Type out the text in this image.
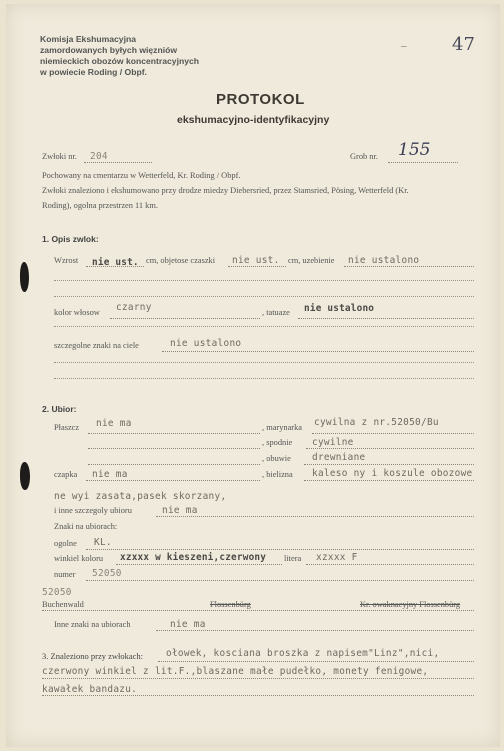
Komisja Ekshumacyjna
zamordowanych byłych więzniów
niemieckich obozów koncentracyjnych
w powiecie Roding / Obpf.
–	47
PROTOKOL
ekshumacyjno-identyfikacyjny
Zwłoki nr. 204	Grob nr. 155
Pochowany na cmentarzu w Wetterfeld, Kr. Roding / Obpf.
Zwłoki znaleziono i ekshumowano przy drodze miedzy Diebersried, przez Stamsried, Pösing, Wetterfeld (Kr.
Roding), ogolna przestrzen 11 km.
1. Opis zwlok:
Wzrost nie ust. cm, objetose czaszki nie ust. cm, uzebienie nie ustalono
kolor włosow czarny	, tatuaze nie ustalono
szczegolne znaki na ciele	nie ustalono
2. Ubior:
Płaszcz nie ma	, marynarka cywilna z nr.52050/Bu
, spodnie cywilne
, obuwie drewniane
czapka nie ma	, bielizna kaleso ny i koszule obozowe
ne wyi zasata,pasek skorzany,
i inne szczegoly ubioru	nie ma
Znaki na ubiorach:
ogolne KL.
winkiel koloru xzxxx w kieszeni,czerwony litera xzxxx F
numer 52050
52050
Buchenwald	Flossenbürg	Kr. owaknacyjny Flossenbürg
Inne znaki na ubiorach	nie ma
3. Znaleziono przy zwłokach: ołowek, kosciana broszka z napisem"Linz",nici,
czerwony winkiel z lit.F.,blaszane małe pudełko, monety fenigowe,
kawałek bandazu.
